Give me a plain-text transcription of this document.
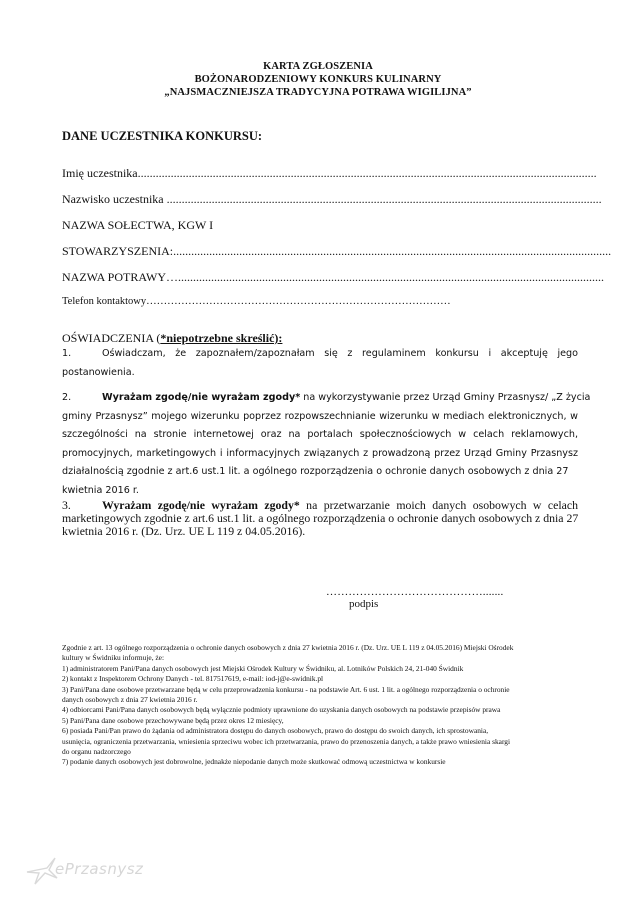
KARTA ZGŁOSZENIA
BOŻONARODZENIOWY KONKURS KULINARNY
„NAJSMACZNIEJSZA TRADYCYJNA POTRAWA WIGILIJNA”
DANE UCZESTNIKA KONKURSU:
Imię uczestnika.........................................................................................................................................................
Nazwisko uczestnika .................................................................................................................................................
NAZWA SOŁECTWA, KGW I
STOWARZYSZENIA:..................................................................................................................................................
NAZWA POTRAWY…..............................................................................................................................................
Telefon kontaktowy……………………………………………………………………………
OŚWIADCZENIA (*niepotrzebne skreślić):
1.	Oświadczam, że zapoznałem/zapoznałam się z regulaminem konkursu i akceptuję jego
postanowienia.
2.	Wyrażam zgodę/nie wyrażam zgody* na wykorzystywanie przez Urząd Gminy Przasnysz/ „Z życia
gminy Przasnysz” mojego wizerunku poprzez rozpowszechnianie wizerunku w mediach elektronicznych, w
szczególności na stronie internetowej oraz na portalach społecznościowych w celach reklamowych,
promocyjnych, marketingowych i informacyjnych związanych z prowadzoną przez Urząd Gminy Przasnysz
działalnością zgodnie z art.6 ust.1 lit. a ogólnego rozporządzenia o ochronie danych osobowych z dnia 27
kwietnia 2016 r.
3.	Wyrażam zgodę/nie wyrażam zgody* na przetwarzanie moich danych osobowych w celach
marketingowych zgodnie z art.6 ust.1 lit. a ogólnego rozporządzenia o ochronie danych osobowych z dnia 27
kwietnia 2016 r. (Dz. Urz. UE L 119 z 04.05.2016).
…………………………………….......
podpis
Zgodnie z art. 13 ogólnego rozporządzenia o ochronie danych osobowych z dnia 27 kwietnia 2016 r. (Dz. Urz. UE L 119 z 04.05.2016) Miejski Ośrodek
kultury w Świdniku informuje, że:
1) administratorem Pani/Pana danych osobowych jest Miejski Ośrodek Kultury w Świdniku, al. Lotników Polskich 24, 21-040 Świdnik
2) kontakt z Inspektorem Ochrony Danych - tel. 817517619, e-mail: iod-j@e-swidnik.pl
3) Pani/Pana dane osobowe przetwarzane będą w celu przeprowadzenia konkursu - na podstawie Art. 6 ust. 1 lit. a ogólnego rozporządzenia o ochronie
danych osobowych z dnia 27 kwietnia 2016 r.
4) odbiorcami Pani/Pana danych osobowych będą wyłącznie podmioty uprawnione do uzyskania danych osobowych na podstawie przepisów prawa
5) Pani/Pana dane osobowe przechowywane będą przez okres 12 miesięcy,
6) posiada Pani/Pan prawo do żądania od administratora dostępu do danych osobowych, prawo do dostępu do swoich danych, ich sprostowania,
usunięcia, ograniczenia przetwarzania, wniesienia sprzeciwu wobec ich przetwarzania, prawo do przenoszenia danych, a także prawo wniesienia skargi
do organu nadzorczego
7) podanie danych osobowych jest dobrowolne, jednakże niepodanie danych może skutkować odmową uczestnictwa w konkursie
ePrzasnysz
